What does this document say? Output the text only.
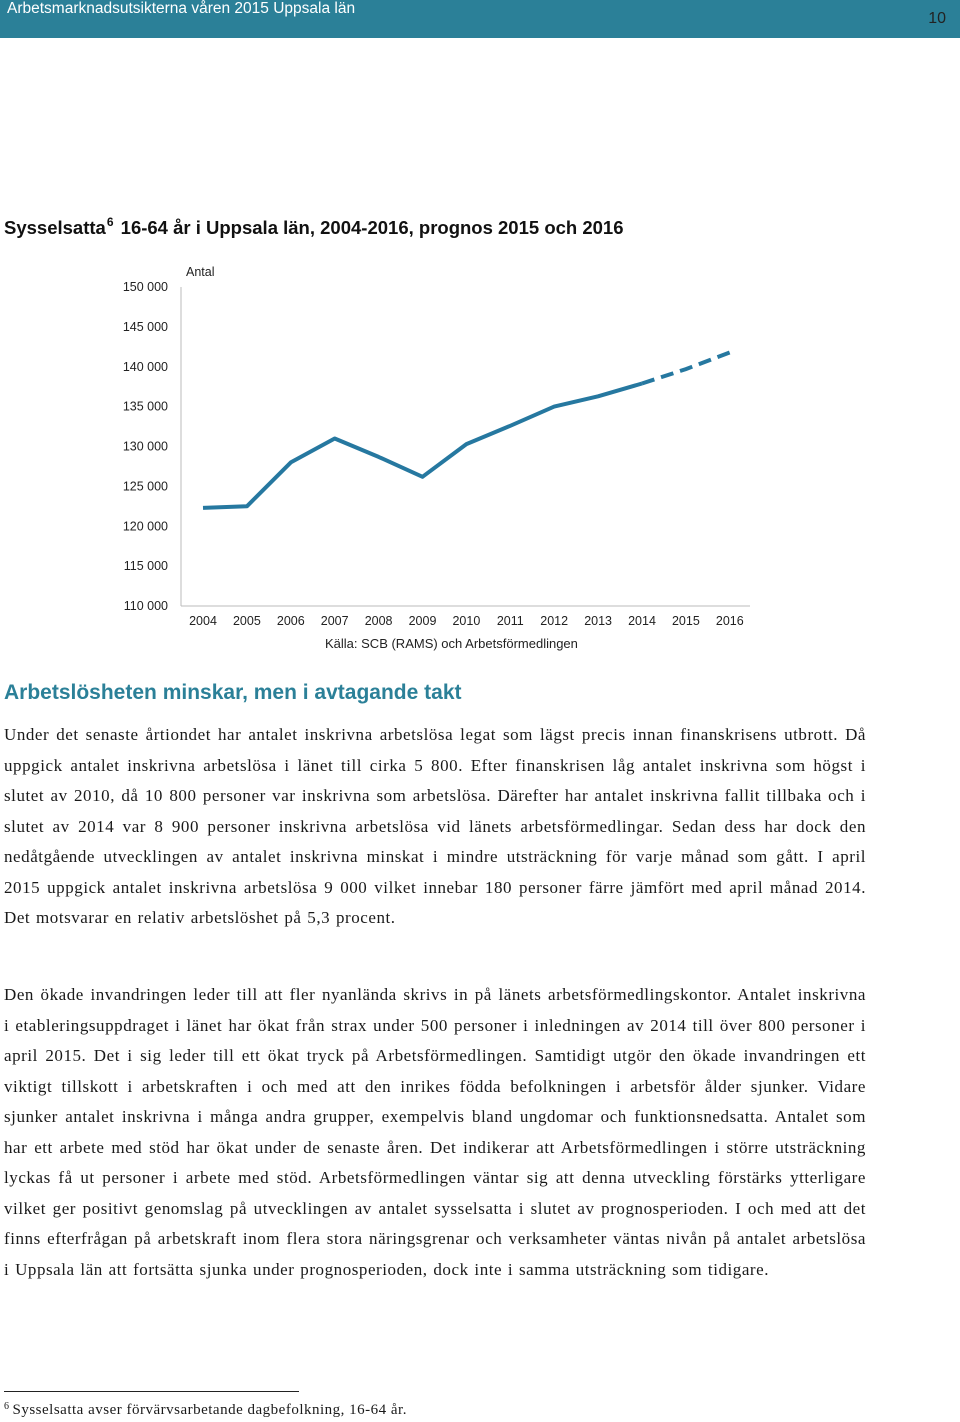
Arbetsmarknadsutsikterna våren 2015 Uppsala län
10
Sysselsatta$^6$ 16-64 år i Uppsala län, 2004-2016, prognos 2015 och 2016
Antal
110 000
115 000
120 000
125 000
130 000
135 000
140 000
145 000
150 000
2004 2005 2006 2007 2008 2009 2010 2011 2012 2013 2014 2015 2016
Källa: SCB (RAMS) och Arbetsförmedlingen
Arbetslösheten minskar, men i avtagande takt

Under det senaste årtiondet har antalet inskrivna arbetslösa legat som lägst precis innan finanskrisens utbrott. Då uppgick antalet inskrivna arbetslösa i länet till cirka 5 800. Efter finanskrisen låg antalet inskrivna som högst i slutet av 2010, då 10 800 personer var inskrivna som arbetslösa. Därefter har antalet inskrivna fallit tillbaka och i slutet av 2014 var 8 900 personer inskrivna arbetslösa vid länets arbetsförmedlingar. Sedan dess har dock den nedåtgående utvecklingen av antalet inskrivna minskat i mindre utsträckning för varje månad som gått. I april 2015 uppgick antalet inskrivna arbetslösa 9 000 vilket innebar 180 personer färre jämfört med april månad 2014. Det motsvarar en relativ arbetslöshet på 5,3 procent.

Den ökade invandringen leder till att fler nyanlända skrivs in på länets arbetsförmedlingskontor. Antalet inskrivna i etableringsuppdraget i länet har ökat från strax under 500 personer i inledningen av 2014 till över 800 personer i april 2015. Det i sig leder till ett ökat tryck på Arbetsförmedlingen. Samtidigt utgör den ökade invandringen ett viktigt tillskott i arbetskraften i och med att den inrikes födda befolkningen i arbetsför ålder sjunker. Vidare sjunker antalet inskrivna i många andra grupper, exempelvis bland ungdomar och funktionsnedsatta. Antalet som har ett arbete med stöd har ökat under de senaste åren. Det indikerar att Arbetsförmedlingen i större utsträckning lyckas få ut personer i arbete med stöd. Arbetsförmedlingen väntar sig att denna utveckling förstärks ytterligare vilket ger positivt genomslag på utvecklingen av antalet sysselsatta i slutet av prognosperioden. I och med att det finns efterfrågan på arbetskraft inom flera stora näringsgrenar och verksamheter väntas nivån på antalet arbetslösa i Uppsala län att fortsätta sjunka under prognosperioden, dock inte i samma utsträckning som tidigare.

$^6$ Sysselsatta avser förvärvsarbetande dagbefolkning, 16-64 år.
